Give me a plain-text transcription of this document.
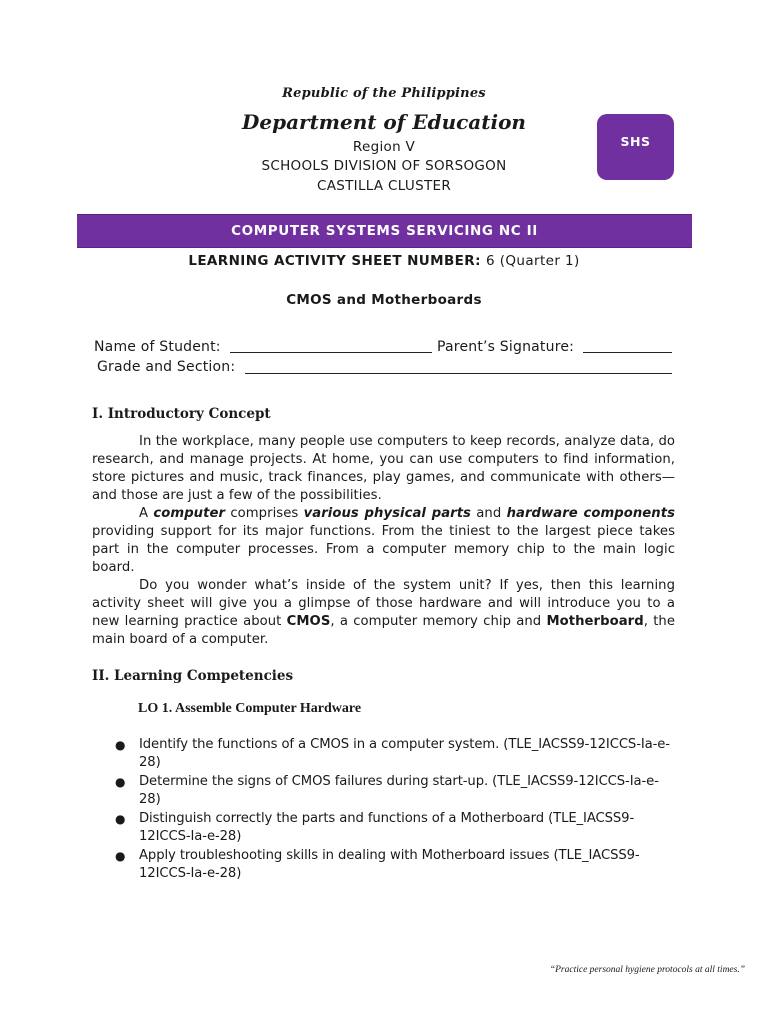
Republic of the Philippines
Department of Education
Region V
SCHOOLS DIVISION OF SORSOGON
CASTILLA CLUSTER
SHS
COMPUTER SYSTEMS SERVICING NC II
LEARNING ACTIVITY SHEET NUMBER: 6 (Quarter 1)
CMOS and Motherboards
Name of Student:	Parent’s Signature:
Grade and Section:
I. Introductory Concept
In the workplace, many people use computers to keep records, analyze data, do research, and manage projects. At home, you can use computers to find information, store pictures and music, track finances, play games, and communicate with others—and those are just a few of the possibilities.
A computer comprises various physical parts and hardware components providing support for its major functions. From the tiniest to the largest piece takes part in the computer processes. From a computer memory chip to the main logic board.
Do you wonder what’s inside of the system unit? If yes, then this learning activity sheet will give you a glimpse of those hardware and will introduce you to a new learning practice about CMOS, a computer memory chip and Motherboard, the main board of a computer.
II. Learning Competencies
LO 1. Assemble Computer Hardware
● Identify the functions of a CMOS in a computer system. (TLE_IACSS9-12ICCS-Ia-e-28)
● Determine the signs of CMOS failures during start-up. (TLE_IACSS9-12ICCS-Ia-e-28)
● Distinguish correctly the parts and functions of a Motherboard (TLE_IACSS9-12ICCS-Ia-e-28)
● Apply troubleshooting skills in dealing with Motherboard issues (TLE_IACSS9-12ICCS-Ia-e-28)
“Practice personal hygiene protocols at all times.”
